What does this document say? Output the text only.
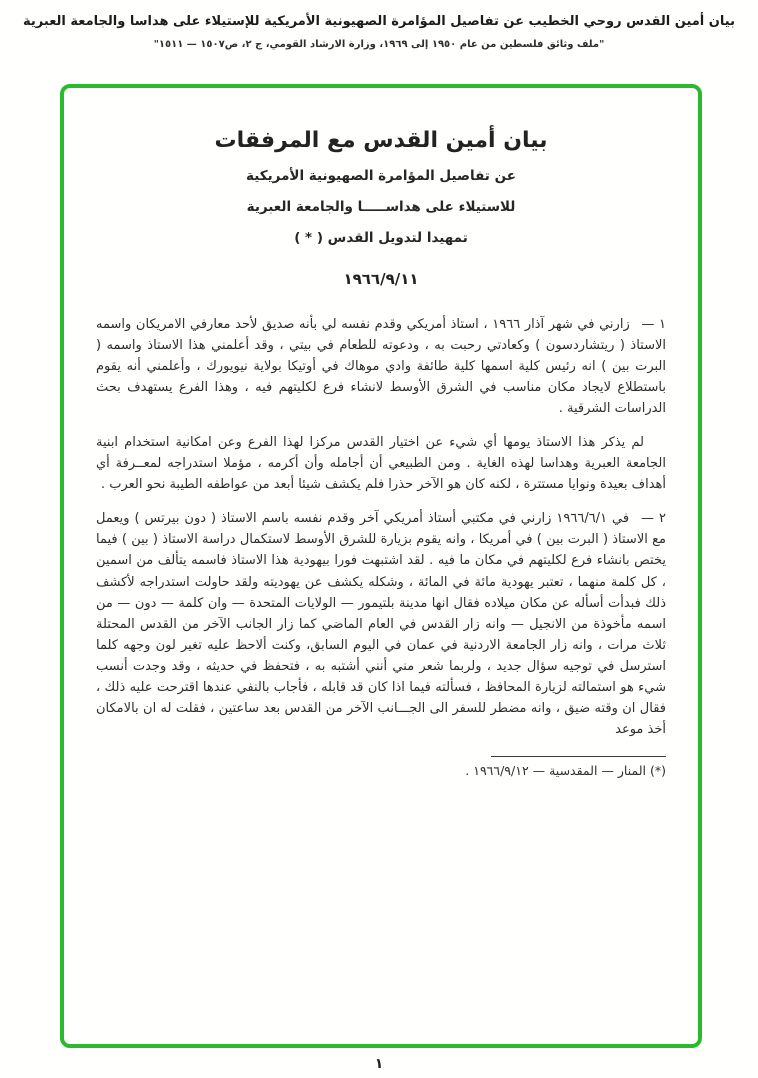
بيان أمين القدس روحي الخطيب عن تفاصيل المؤامرة الصهيونية الأمريكية للإستيلاء على هداسا والجامعة العبرية
"ملف وثائق فلسطين من عام ١٩٥٠ إلى ١٩٦٩، وزارة الارشاد القومي، ج ٢، ص١٥٠٧ — ١٥١١"
بيان أمين القدس مع المرفقات
عن تفاصيل المؤامرة الصهيونية الأمريكية
للاستيلاء على هداســـــا والجامعة العبرية
تمهيدا لتدويل القدس ( * )
١٩٦٦/٩/١١

١ — زارني في شهر آذار ١٩٦٦ ، استاذ أمريكي وقدم نفسه لي بأنه صديق لأحد معارفي الامريكان واسمه الاستاذ ( ريتشاردسون ) وكعادتي رحبت به ، ودعوته للطعام في بيتي ، وقد أعلمني هذا الاستاذ واسمه ( البرت بين ) انه رئيس كلية اسمها كلية طائفة وادي موهاك في أوتيكا بولاية نيويورك ، وأعلمني أنه يقوم باستطلاع لايجاد مكان مناسب في الشرق الأوسط لانشاء فرع لكليتهم فيه ، وهذا الفرع يستهدف بحث الدراسات الشرقية .

لم يذكر هذا الاستاذ يومها أي شيء عن اختيار القدس مركزا لهذا الفرع وعن امكانية استخدام ابنية الجامعة العبرية وهداسا لهذه الغاية . ومن الطبيعي أن أجامله وأن أكرمه ، مؤملا استدراجه لمعــرفة أي أهداف بعيدة ونوايا مستترة ، لكنه كان هو الآخر حذرا فلم يكشف شيئا أبعد من عواطفه الطيبة نحو العرب .

٢ — في ١٩٦٦/٦/١ زارني في مكتبي أستاذ أمريكي آخر وقدم نفسه باسم الاستاذ ( دون بيرتس ) ويعمل مع الاستاذ ( البرت بين ) في أمريكا ، وانه يقوم بزيارة للشرق الأوسط لاستكمال دراسة الاستاذ ( بين ) فيما يختص بانشاء فرع لكليتهم في مكان ما فيه . لقد اشتبهت فورا بيهودية هذا الاستاذ فاسمه يتألف من اسمين ، كل كلمة منهما ، تعتبر يهودية مائة في المائة ، وشكله يكشف عن يهوديته ولقد حاولت استدراجه لأكشف ذلك فبدأت أسأله عن مكان ميلاده فقال انها مدينة بلتيمور — الولايات المتحدة — وان كلمة — دون — من اسمه مأخوذة من الانجيل — وانه زار القدس في العام الماضي كما زار الجانب الآخر من القدس المحتلة ثلاث مرات ، وانه زار الجامعة الاردنية في عمان في اليوم السابق، وكنت ألاحظ عليه تغير لون وجهه كلما استرسل في توجيه سؤال جديد ، ولربما شعر مني أنني أشتبه به ، فتحفظ في حديثه ، وقد وجدت أنسب شيء هو استمالته لزيارة المحافظ ، فسألته فيما اذا كان قد قابله ، فأجاب بالنفي عندها اقترحت عليه ذلك ، فقال ان وقته ضيق ، وانه مضطر للسفر الى الجـــانب الآخر من القدس بعد ساعتين ، فقلت له ان بالامكان أخذ موعد

(*) المنار — المقدسية — ١٩٦٦/٩/١٢ .
١
